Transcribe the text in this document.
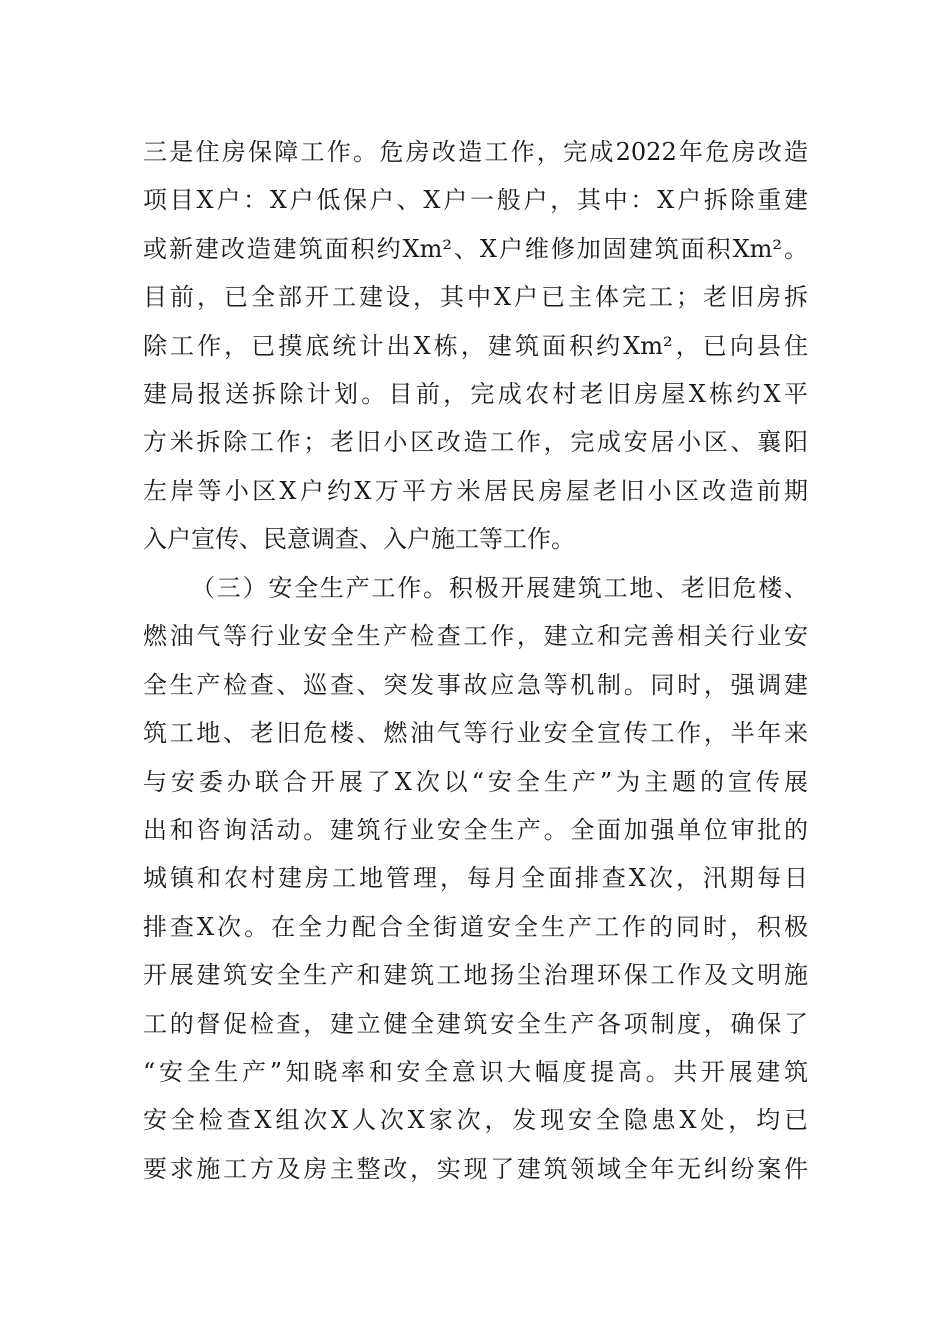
三是住房保障工作。危房改造工作，完成2022年危房改造
项目X户：X户低保户、X户一般户，其中：X户拆除重建
或新建改造建筑面积约Xm²、X户维修加固建筑面积Xm²。
目前，已全部开工建设，其中X户已主体完工；老旧房拆
除工作，已摸底统计出X栋，建筑面积约Xm²，已向县住
建局报送拆除计划。目前，完成农村老旧房屋X栋约X平
方米拆除工作；老旧小区改造工作，完成安居小区、襄阳
左岸等小区X户约X万平方米居民房屋老旧小区改造前期
入户宣传、民意调查、入户施工等工作。
（三）安全生产工作。积极开展建筑工地、老旧危楼、
燃油气等行业安全生产检查工作，建立和完善相关行业安
全生产检查、巡查、突发事故应急等机制。同时，强调建
筑工地、老旧危楼、燃油气等行业安全宣传工作，半年来
与安委办联合开展了X次以“安全生产”为主题的宣传展
出和咨询活动。建筑行业安全生产。全面加强单位审批的
城镇和农村建房工地管理，每月全面排查X次，汛期每日
排查X次。在全力配合全街道安全生产工作的同时，积极
开展建筑安全生产和建筑工地扬尘治理环保工作及文明施
工的督促检查，建立健全建筑安全生产各项制度，确保了
“安全生产”知晓率和安全意识大幅度提高。共开展建筑
安全检查X组次X人次X家次，发现安全隐患X处，均已
要求施工方及房主整改，实现了建筑领域全年无纠纷案件
